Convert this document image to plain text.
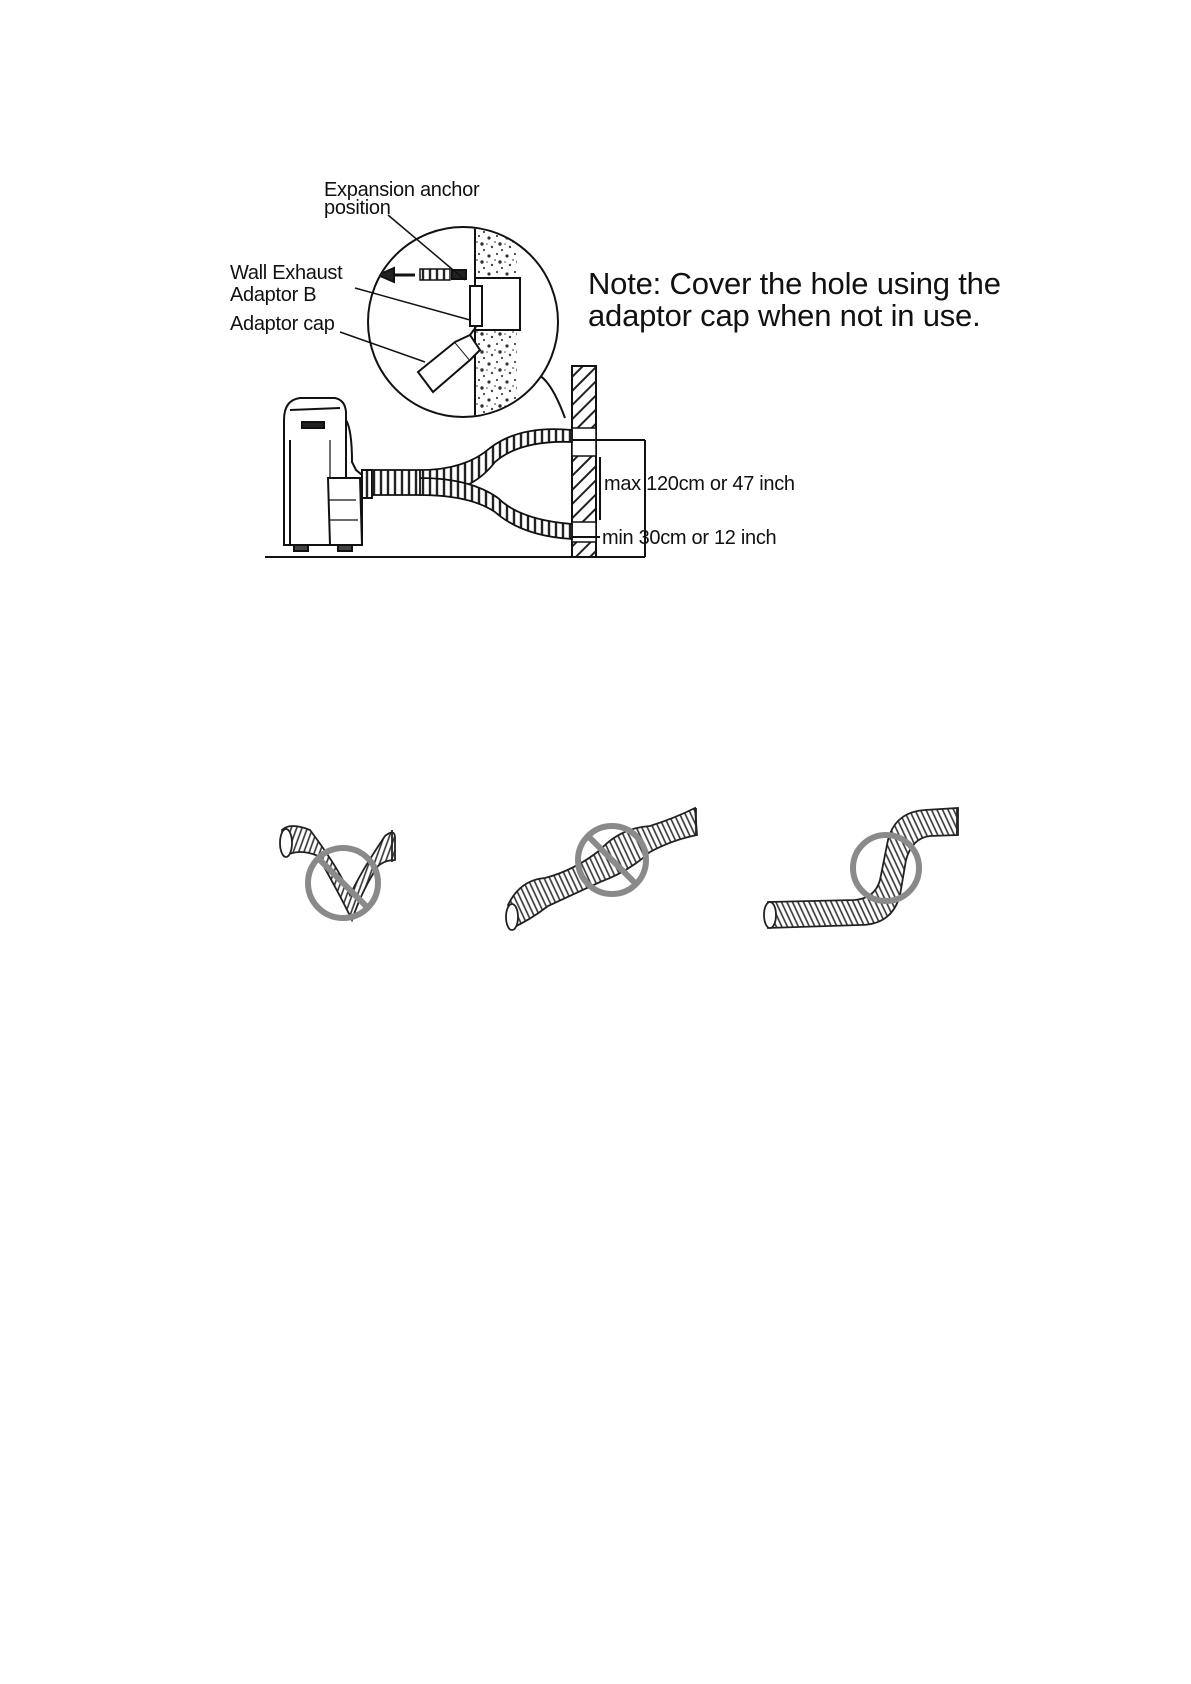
Expansion anchor
position
Wall Exhaust
Adaptor B
Adaptor cap
Note: Cover the hole using the
adaptor cap when not in use.
max 120cm or 47 inch
min 30cm or 12 inch
